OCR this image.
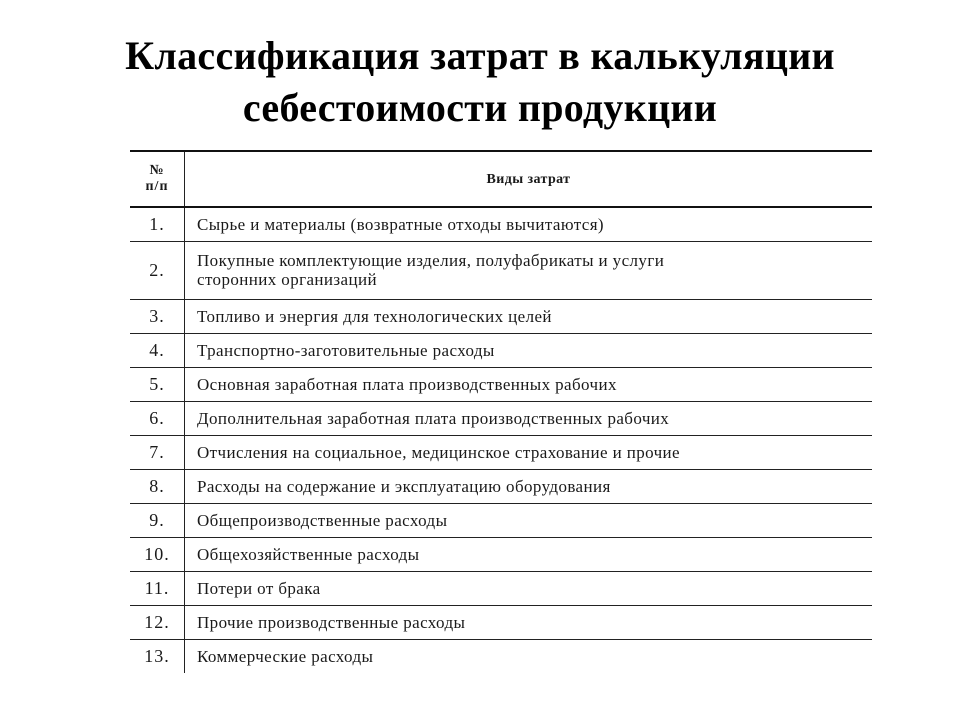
Классификация затрат в калькуляции
себестоимости продукции
№
п/п	Виды затрат
1.	Сырье и материалы (возвратные отходы вычитаются)
2.	Покупные комплектующие изделия, полуфабрикаты и услуги
сторонних организаций

3.	Топливо и энергия для технологических целей
4.	Транспортно-заготовительные расходы
5.	Основная заработная плата производственных рабочих
6.	Дополнительная заработная плата производственных рабочих
7.	Отчисления на социальное, медицинское страхование и прочие
8.	Расходы на содержание и эксплуатацию оборудования
9.	Общепроизводственные расходы
10.	Общехозяйственные расходы
11.	Потери от брака
12.	Прочие производственные расходы
13.	Коммерческие расходы
